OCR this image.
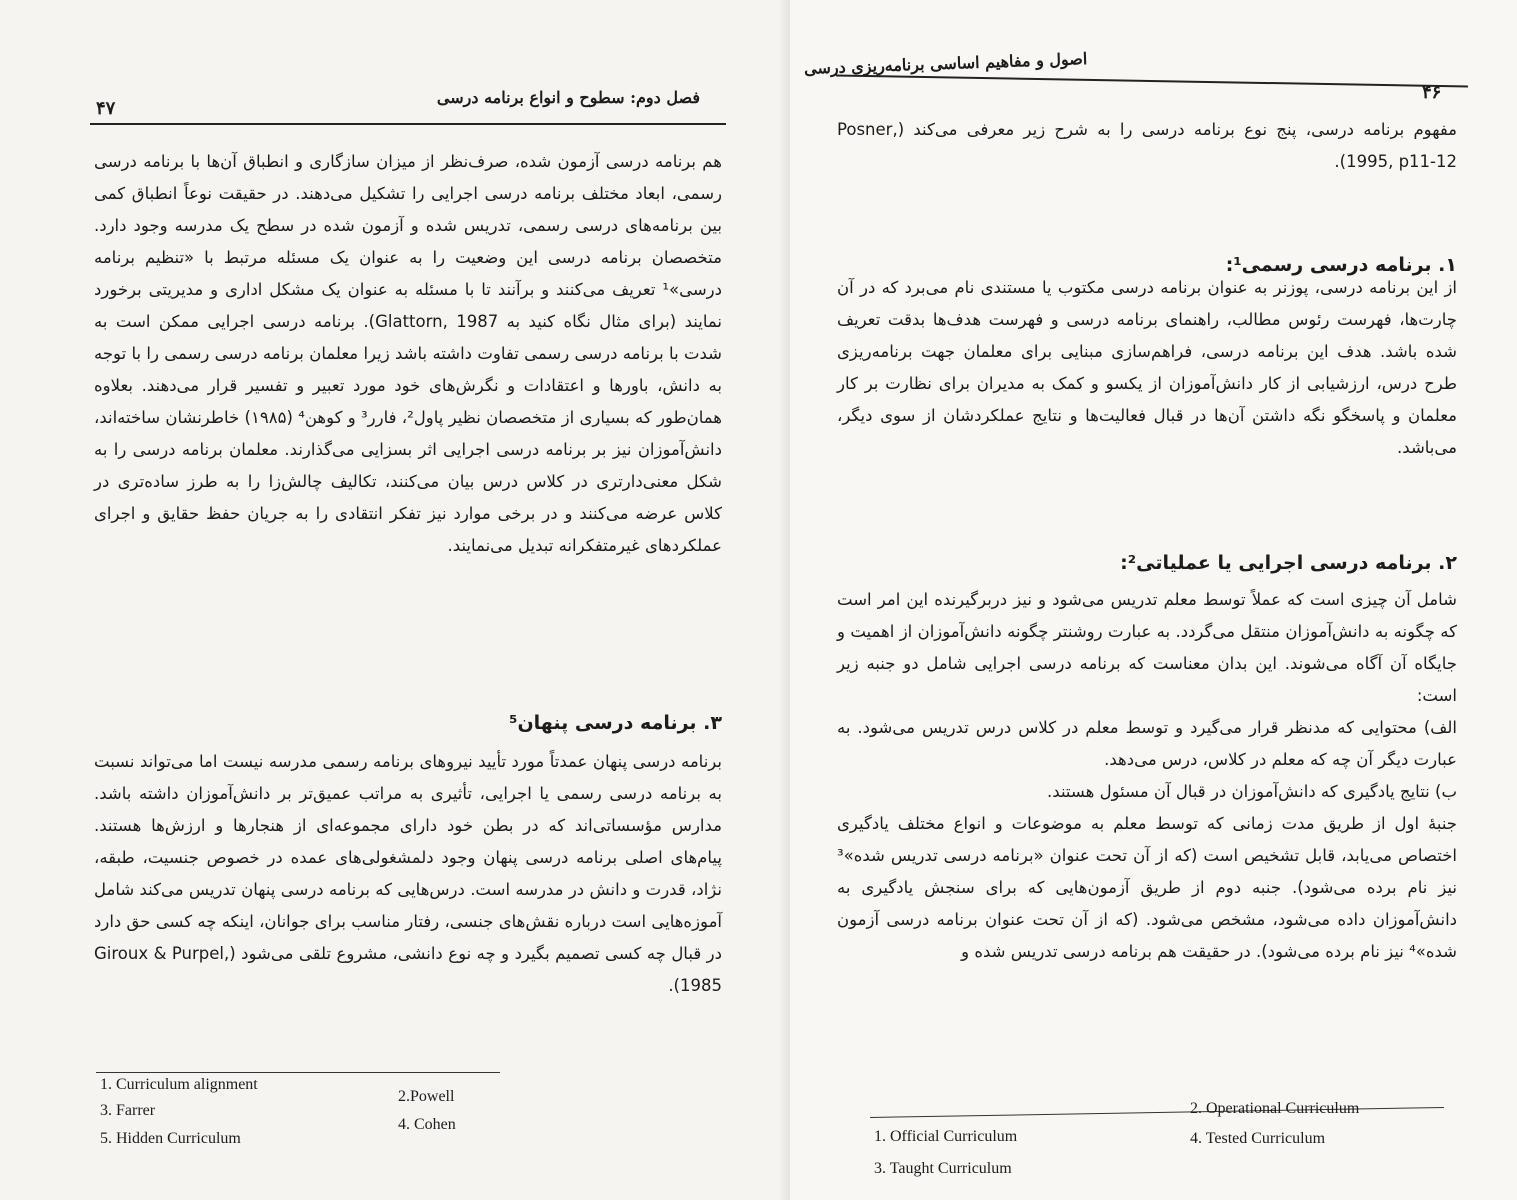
فصل دوم: سطوح و انواع برنامه درسی
۴۷

هم برنامه درسی آزمون شده، صرف‌نظر از میزان سازگاری و انطباق آن‌ها با برنامه درسی رسمی، ابعاد مختلف برنامه درسی اجرایی را تشکیل می‌دهند. در حقیقت نوعاً انطباق کمی بین برنامه‌های درسی رسمی، تدریس شده و آزمون شده در سطح یک مدرسه وجود دارد. متخصصان برنامه درسی این وضعیت را به عنوان یک مسئله مرتبط با «تنظیم برنامه درسی»¹ تعریف می‌کنند و برآنند تا با مسئله به عنوان یک مشکل اداری و مدیریتی برخورد نمایند (برای مثال نگاه کنید به Glattorn, 1987). برنامه درسی اجرایی ممکن است به شدت با برنامه درسی رسمی تفاوت داشته باشد زیرا معلمان برنامه درسی رسمی را با توجه به دانش، باورها و اعتقادات و نگرش‌های خود مورد تعبیر و تفسیر قرار می‌دهند. بعلاوه همان‌طور که بسیاری از متخصصان نظیر پاول²، فارر³ و کوهن⁴ (۱۹۸۵) خاطرنشان ساخته‌اند، دانش‌آموزان نیز بر برنامه درسی اجرایی اثر بسزایی می‌گذارند. معلمان برنامه درسی را به شکل معنی‌دارتری در کلاس درس بیان می‌کنند، تکالیف چالش‌زا را به طرز ساده‌تری در کلاس عرضه می‌کنند و در برخی موارد نیز تفکر انتقادی را به جریان حفظ حقایق و اجرای عملکردهای غیرمتفکرانه تبدیل می‌نمایند.

۳. برنامه درسی پنهان⁵

برنامه درسی پنهان عمدتاً مورد تأیید نیروهای برنامه رسمی مدرسه نیست اما می‌تواند نسبت به برنامه درسی رسمی یا اجرایی، تأثیری به مراتب عمیق‌تر بر دانش‌آموزان داشته باشد. مدارس مؤسساتی‌اند که در بطن خود دارای مجموعه‌ای از هنجارها و ارزش‌ها هستند. پیام‌های اصلی برنامه درسی پنهان وجود دلمشغولی‌های عمده در خصوص جنسیت، طبقه، نژاد، قدرت و دانش در مدرسه است. درس‌هایی که برنامه درسی پنهان تدریس می‌کند شامل آموزه‌هایی است درباره نقش‌های جنسی، رفتار مناسب برای جوانان، اینکه چه کسی حق دارد در قبال چه کسی تصمیم بگیرد و چه نوع دانشی، مشروع تلقی می‌شود (Giroux & Purpel, 1985).

1. Curriculum alignment
2.Powell
3. Farrer
4. Cohen
5. Hidden Curriculum
اصول و مفاهیم اساسی برنامه‌ریزی درسی
۴۶

مفهوم برنامه درسی، پنج نوع برنامه درسی را به شرح زیر معرفی می‌کند (Posner, 1995, p11-12).

۱. برنامه درسی رسمی¹:

از این برنامه درسی، پوزنر به عنوان برنامه درسی مکتوب یا مستندی نام می‌برد که در آن چارت‌ها، فهرست رئوس مطالب، راهنمای برنامه درسی و فهرست هدف‌ها بدقت تعریف شده باشد. هدف این برنامه درسی، فراهم‌سازی مبنایی برای معلمان جهت برنامه‌ریزی طرح درس، ارزشیابی از کار دانش‌آموزان از یکسو و کمک به مدیران برای نظارت بر کار معلمان و پاسخگو نگه داشتن آن‌ها در قبال فعالیت‌ها و نتایج عملکردشان از سوی دیگر، می‌باشد.

۲. برنامه درسی اجرایی یا عملیاتی²:

شامل آن چیزی است که عملاً توسط معلم تدریس می‌شود و نیز دربرگیرنده این امر است که چگونه به دانش‌آموزان منتقل می‌گردد. به عبارت روشنتر چگونه دانش‌آموزان از اهمیت و جایگاه آن آگاه می‌شوند. این بدان معناست که برنامه درسی اجرایی شامل دو جنبه زیر است:

الف) محتوایی که مدنظر قرار می‌گیرد و توسط معلم در کلاس درس تدریس می‌شود. به عبارت دیگر آن چه که معلم در کلاس، درس می‌دهد.

ب) نتایج یادگیری که دانش‌آموزان در قبال آن مسئول هستند.

جنبهٔ اول از طریق مدت زمانی که توسط معلم به موضوعات و انواع مختلف یادگیری اختصاص می‌یابد، قابل تشخیص است (که از آن تحت عنوان «برنامه درسی تدریس شده»³ نیز نام برده می‌شود). جنبه دوم از طریق آزمون‌هایی که برای سنجش یادگیری به دانش‌آموزان داده می‌شود، مشخص می‌شود. (که از آن تحت عنوان برنامه درسی آزمون شده»⁴ نیز نام برده می‌شود). در حقیقت هم برنامه درسی تدریس شده و

1. Official Curriculum
2. Operational Curriculum
3. Taught Curriculum
4. Tested Curriculum
